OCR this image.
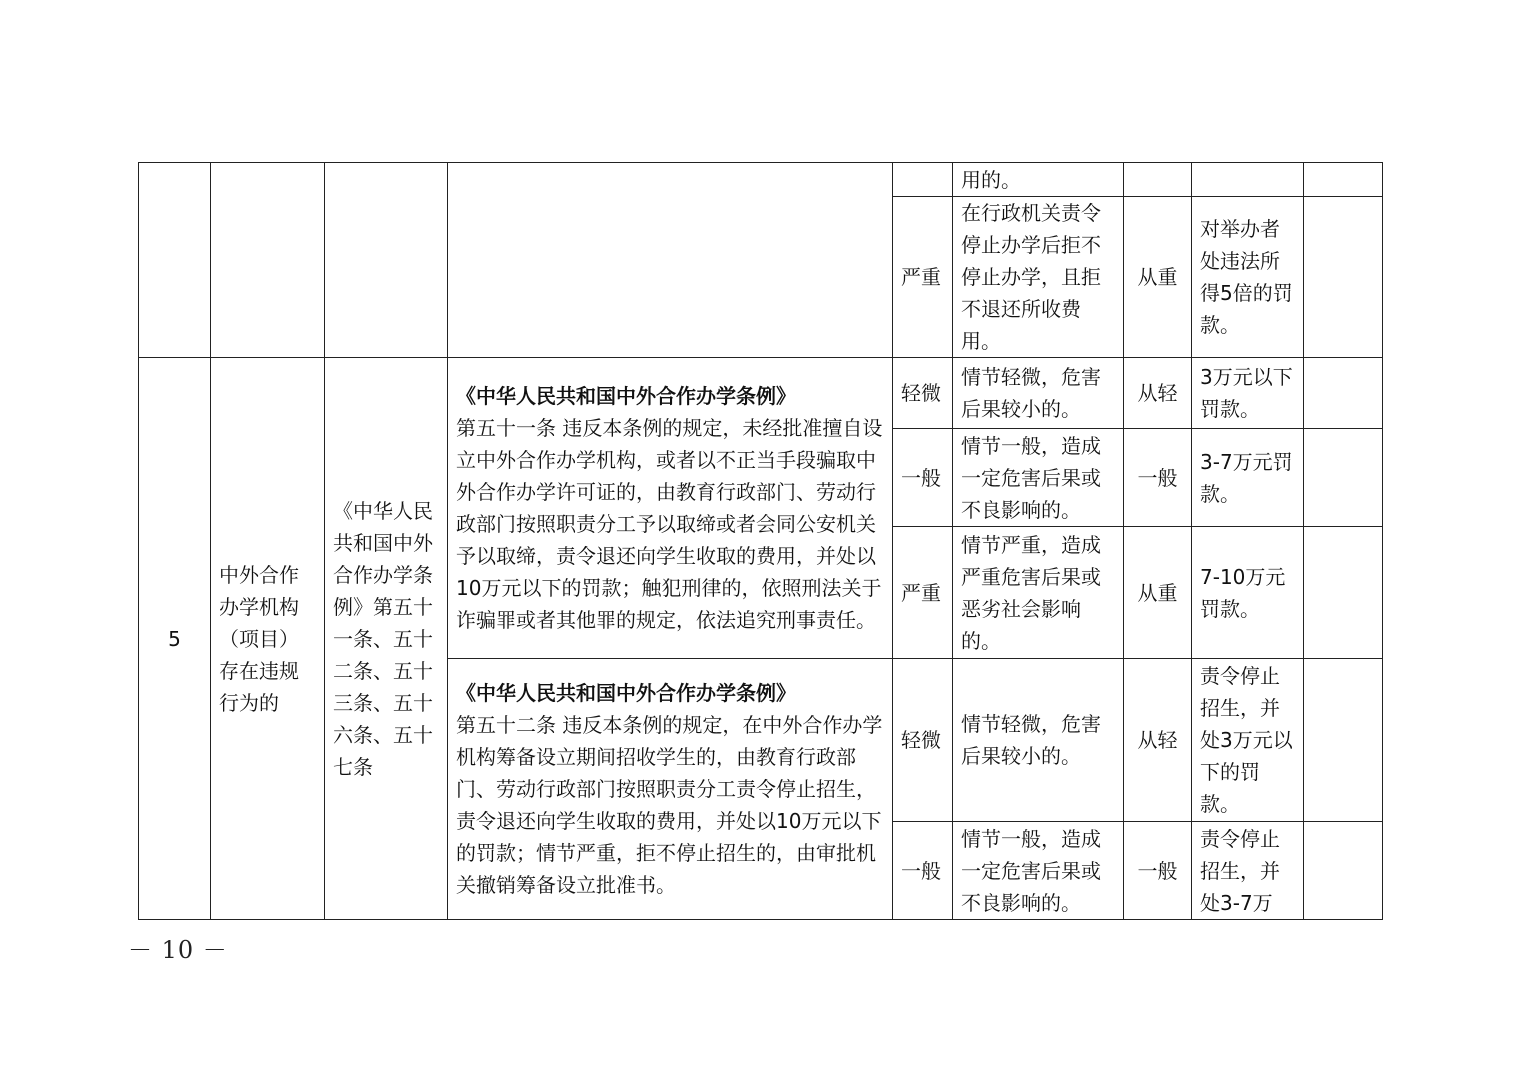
					用的。			
				严重	在行政机关责令停止办学后拒不停止办学，且拒不退还所收费用。	从重	对举办者处违法所得5倍的罚款。	
5	中外合作办学机构（项目）存在违规行为的	《中华人民共和国中外合作办学条例》第五十一条、五十二条、五十三条、五十六条、五十七条	《中华人民共和国中外合作办学条例》
第五十一条 违反本条例的规定，未经批准擅自设立中外合作办学机构，或者以不正当手段骗取中外合作办学许可证的，由教育行政部门、劳动行政部门按照职责分工予以取缔或者会同公安机关予以取缔，责令退还向学生收取的费用，并处以10万元以下的罚款；触犯刑律的，依照刑法关于诈骗罪或者其他罪的规定，依法追究刑事责任。	轻微	情节轻微，危害后果较小的。	从轻	3万元以下罚款。	
				一般	情节一般，造成一定危害后果或不良影响的。	一般	3-7万元罚款。	
				严重	情节严重，造成严重危害后果或恶劣社会影响的。	从重	7-10万元罚款。	

			《中华人民共和国中外合作办学条例》
第五十二条 违反本条例的规定，在中外合作办学机构筹备设立期间招收学生的，由教育行政部门、劳动行政部门按照职责分工责令停止招生，责令退还向学生收取的费用，并处以10万元以下的罚款；情节严重，拒不停止招生的，由审批机关撤销筹备设立批准书。	轻微	情节轻微，危害后果较小的。	从轻	责令停止招生，并处3万元以下的罚款。	
				一般	情节一般，造成一定危害后果或不良影响的。	一般	责令停止招生，并处3-7万	
－ 10 －
